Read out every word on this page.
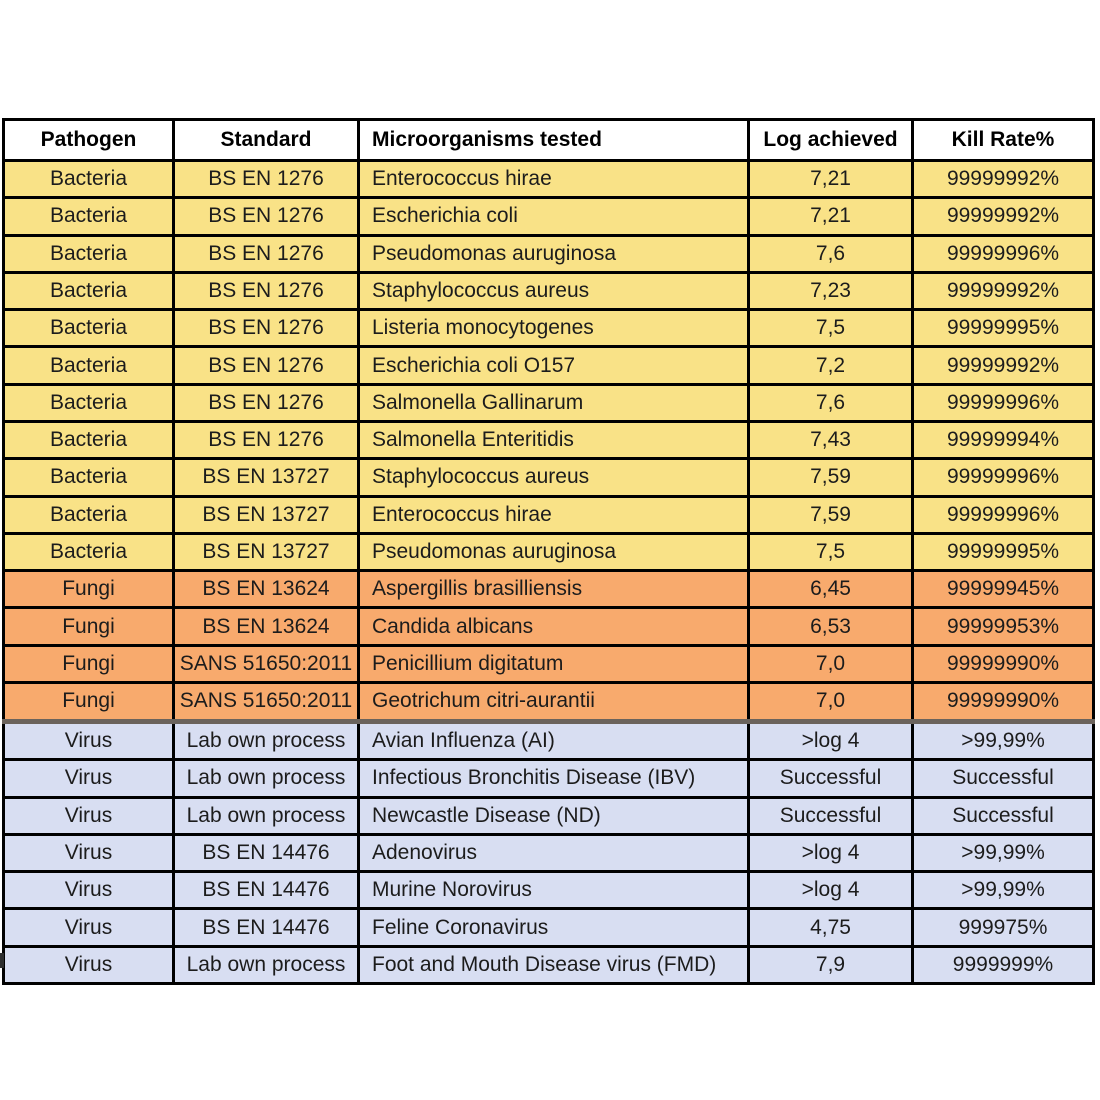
Pathogen	Standard	Microorganisms tested	Log achieved	Kill Rate%
Bacteria	BS EN 1276	Enterococcus hirae	7,21	99999992%
Bacteria	BS EN 1276	Escherichia coli	7,21	99999992%
Bacteria	BS EN 1276	Pseudomonas auruginosa	7,6	99999996%
Bacteria	BS EN 1276	Staphylococcus aureus	7,23	99999992%
Bacteria	BS EN 1276	Listeria monocytogenes	7,5	99999995%
Bacteria	BS EN 1276	Escherichia coli O157	7,2	99999992%
Bacteria	BS EN 1276	Salmonella Gallinarum	7,6	99999996%
Bacteria	BS EN 1276	Salmonella Enteritidis	7,43	99999994%
Bacteria	BS EN 13727	Staphylococcus aureus	7,59	99999996%
Bacteria	BS EN 13727	Enterococcus hirae	7,59	99999996%
Bacteria	BS EN 13727	Pseudomonas auruginosa	7,5	99999995%
Fungi	BS EN 13624	Aspergillis brasilliensis	6,45	99999945%
Fungi	BS EN 13624	Candida albicans	6,53	99999953%
Fungi	SANS 51650:2011	Penicillium digitatum	7,0	99999990%
Fungi	SANS 51650:2011	Geotrichum citri-aurantii	7,0	99999990%
Virus	Lab own process	Avian Influenza (AI)	>log 4	>99,99%
Virus	Lab own process	Infectious Bronchitis Disease (IBV)	Successful	Successful
Virus	Lab own process	Newcastle Disease (ND)	Successful	Successful
Virus	BS EN 14476	Adenovirus	>log 4	>99,99%
Virus	BS EN 14476	Murine Norovirus	>log 4	>99,99%
Virus	BS EN 14476	Feline Coronavirus	4,75	999975%
Virus	Lab own process	Foot and Mouth Disease virus (FMD)	7,9	9999999%
